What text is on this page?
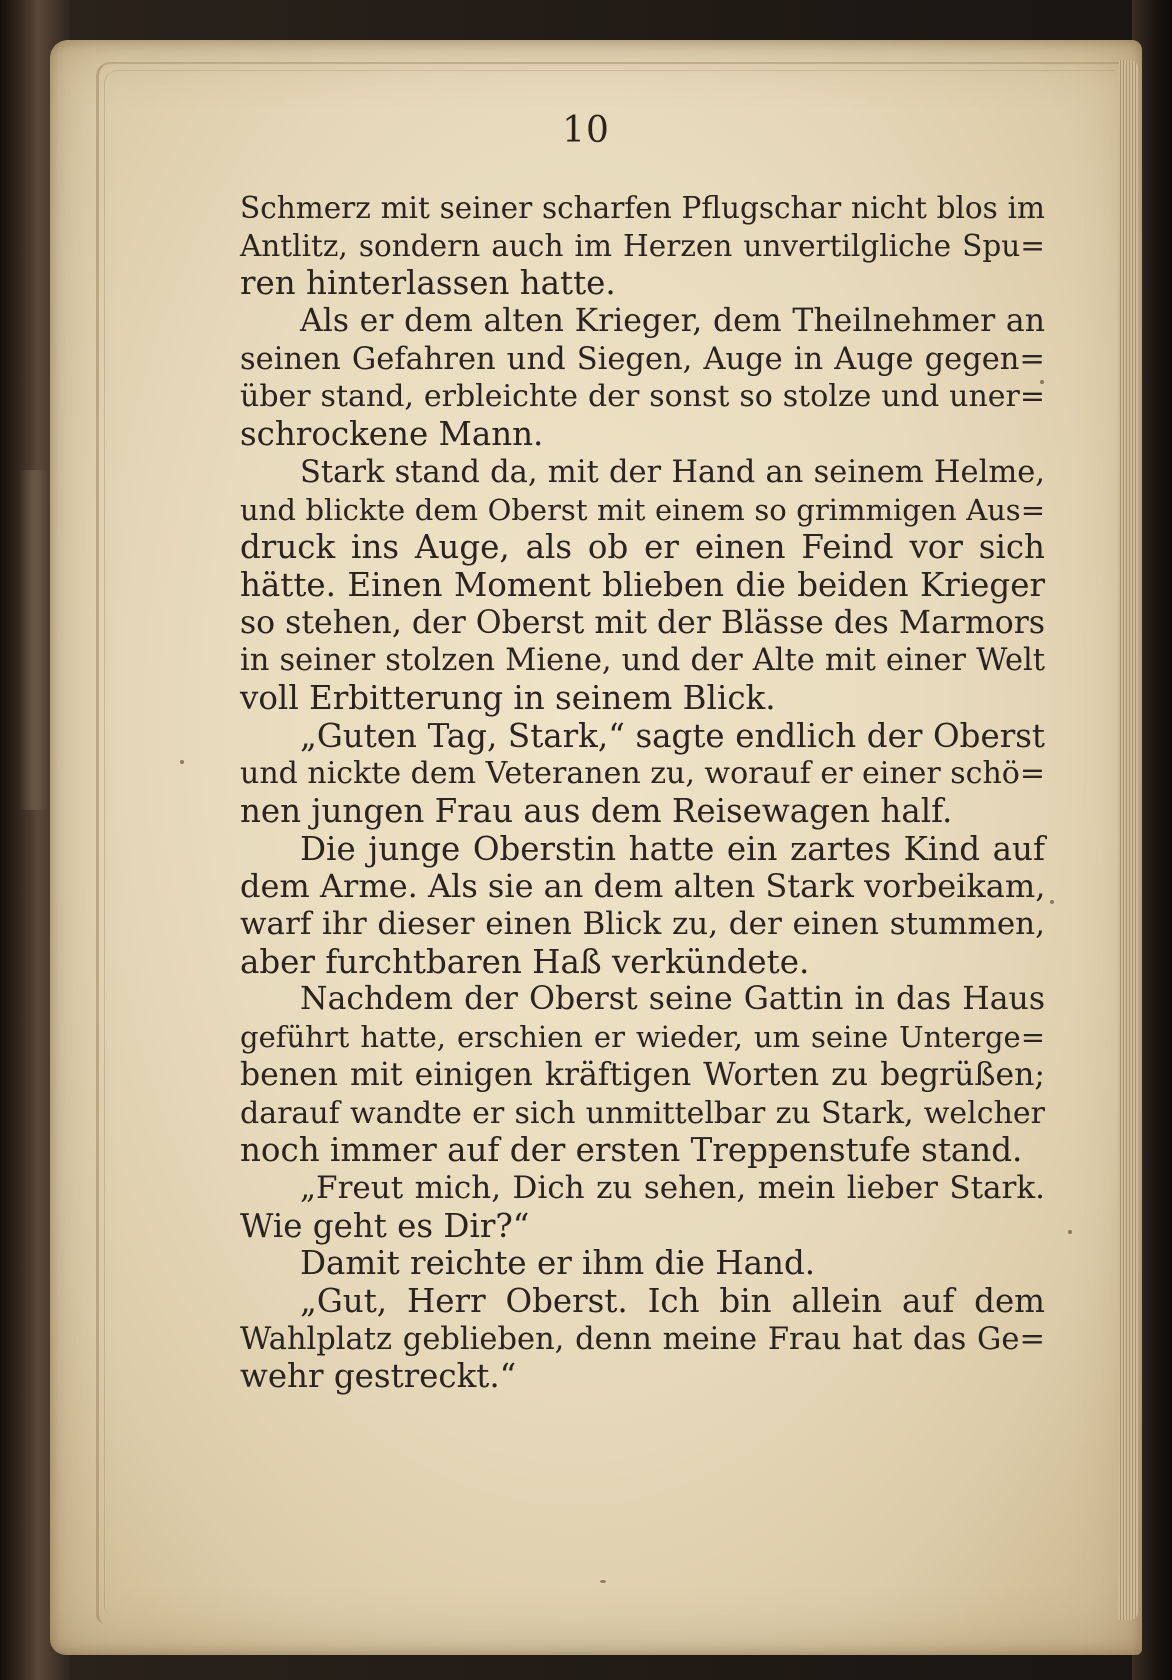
10
Schmerz mit seiner scharfen Pflugschar nicht blos im
Antlitz, sondern auch im Herzen unvertilgliche Spu=
ren hinterlassen hatte.
Als er dem alten Krieger, dem Theilnehmer an
seinen Gefahren und Siegen, Auge in Auge gegen=
über stand, erbleichte der sonst so stolze und uner=
schrockene Mann.
Stark stand da, mit der Hand an seinem Helme,
und blickte dem Oberst mit einem so grimmigen Aus=
druck ins Auge, als ob er einen Feind vor sich
hätte. Einen Moment blieben die beiden Krieger
so stehen, der Oberst mit der Blässe des Marmors
in seiner stolzen Miene, und der Alte mit einer Welt
voll Erbitterung in seinem Blick.
„Guten Tag, Stark,“ sagte endlich der Oberst
und nickte dem Veteranen zu, worauf er einer schö=
nen jungen Frau aus dem Reisewagen half.
Die junge Oberstin hatte ein zartes Kind auf
dem Arme. Als sie an dem alten Stark vorbeikam,
warf ihr dieser einen Blick zu, der einen stummen,
aber furchtbaren Haß verkündete.
Nachdem der Oberst seine Gattin in das Haus
geführt hatte, erschien er wieder, um seine Unterge=
benen mit einigen kräftigen Worten zu begrüßen;
darauf wandte er sich unmittelbar zu Stark, welcher
noch immer auf der ersten Treppenstufe stand.
„Freut mich, Dich zu sehen, mein lieber Stark.
Wie geht es Dir?“
Damit reichte er ihm die Hand.
„Gut, Herr Oberst. Ich bin allein auf dem
Wahlplatz geblieben, denn meine Frau hat das Ge=
wehr gestreckt.“
